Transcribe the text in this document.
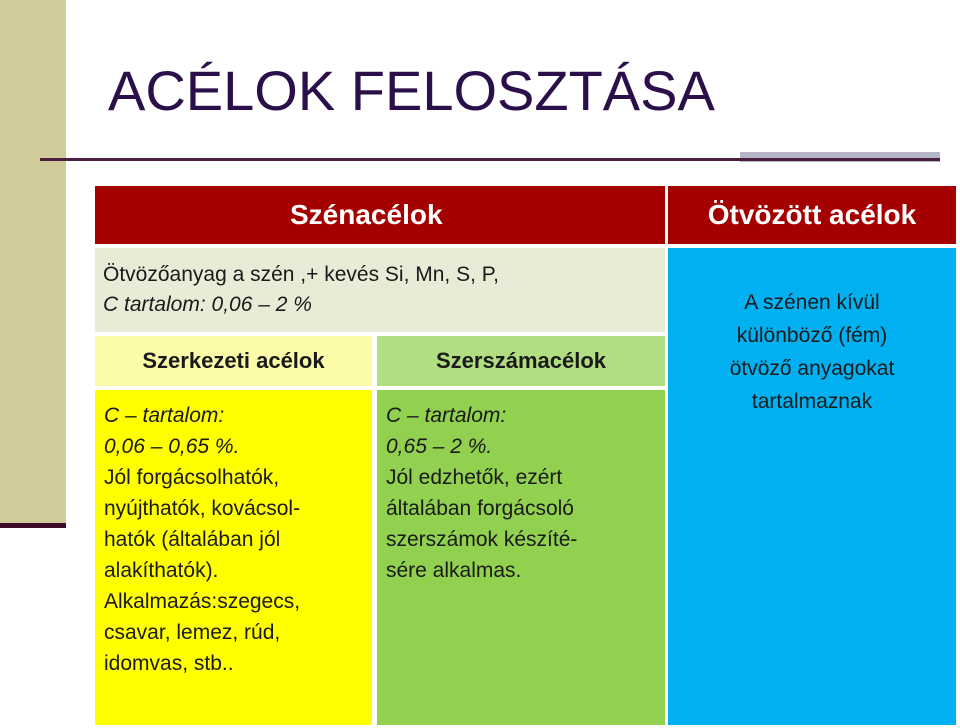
ACÉLOK FELOSZTÁSA
Szénacélok	Ötvözött acélok
Ötvözőanyag a szén ,+ kevés Si, Mn, S, P,
C tartalom: 0,06 – 2 %
Szerkezeti acélok	Szerszámacélok
C – tartalom:
0,06 – 0,65 %.
Jól forgácsolhatók,
nyújthatók, kovácsol-
hatók (általában jól
alakíthatók).
Alkalmazás:szegecs,
csavar, lemez, rúd,
idomvas, stb..
C – tartalom:
0,65 – 2 %.
Jól edzhetők, ezért
általában forgácsoló
szerszámok készíté-
sére alkalmas.
A szénen kívül
különböző (fém)
ötvöző anyagokat
tartalmaznak
